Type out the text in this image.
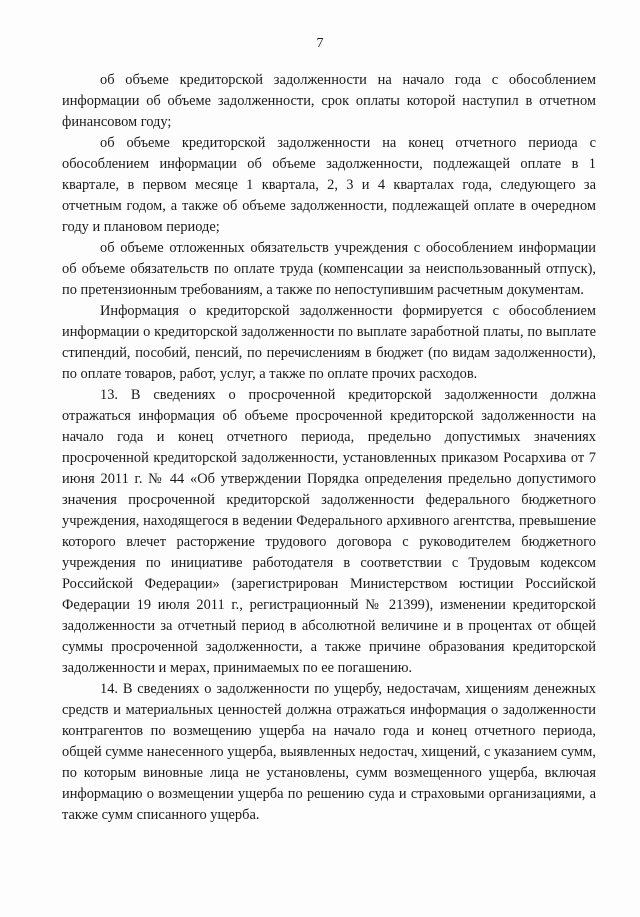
7

об объеме кредиторской задолженности на начало года с обособлением информации об объеме задолженности, срок оплаты которой наступил в отчетном финансовом году;

об объеме кредиторской задолженности на конец отчетного периода с обособлением информации об объеме задолженности, подлежащей оплате в 1 квартале, в первом месяце 1 квартала, 2, 3 и 4 кварталах года, следующего за отчетным годом, а также об объеме задолженности, подлежащей оплате в очередном году и плановом периоде;

об объеме отложенных обязательств учреждения с обособлением информации об объеме обязательств по оплате труда (компенсации за неиспользованный отпуск), по претензионным требованиям, а также по непоступившим расчетным документам.

Информация о кредиторской задолженности формируется с обособлением информации о кредиторской задолженности по выплате заработной платы, по выплате стипендий, пособий, пенсий, по перечислениям в бюджет (по видам задолженности), по оплате товаров, работ, услуг, а также по оплате прочих расходов.

13. В сведениях о просроченной кредиторской задолженности должна отражаться информация об объеме просроченной кредиторской задолженности на начало года и конец отчетного периода, предельно допустимых значениях просроченной кредиторской задолженности, установленных приказом Росархива от 7 июня 2011 г. № 44 «Об утверждении Порядка определения предельно допустимого значения просроченной кредиторской задолженности федерального бюджетного учреждения, находящегося в ведении Федерального архивного агентства, превышение которого влечет расторжение трудового договора с руководителем бюджетного учреждения по инициативе работодателя в соответствии с Трудовым кодексом Российской Федерации» (зарегистрирован Министерством юстиции Российской Федерации 19 июля 2011 г., регистрационный № 21399), изменении кредиторской задолженности за отчетный период в абсолютной величине и в процентах от общей суммы просроченной задолженности, а также причине образования кредиторской задолженности и мерах, принимаемых по ее погашению.

14. В сведениях о задолженности по ущербу, недостачам, хищениям денежных средств и материальных ценностей должна отражаться информация о задолженности контрагентов по возмещению ущерба на начало года и конец отчетного периода, общей сумме нанесенного ущерба, выявленных недостач, хищений, с указанием сумм, по которым виновные лица не установлены, сумм возмещенного ущерба, включая информацию о возмещении ущерба по решению суда и страховыми организациями, а также сумм списанного ущерба.
